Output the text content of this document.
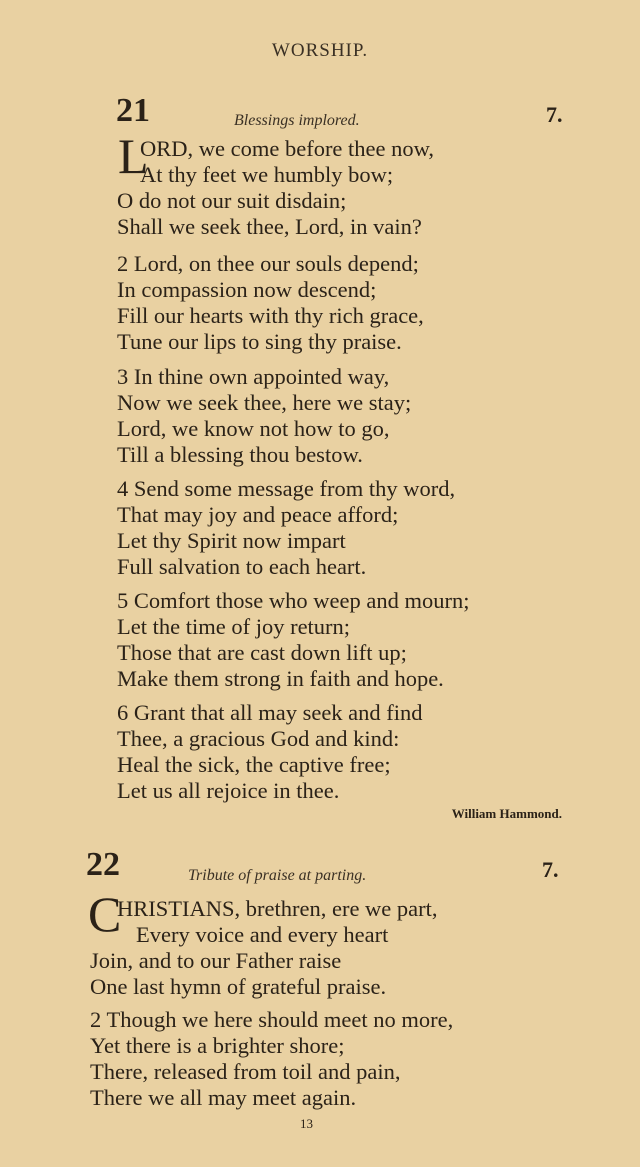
WORSHIP.
21	Blessings implored.	7.
L
ORD, we come before thee now,
At thy feet we humbly bow;
O do not our suit disdain;
Shall we seek thee, Lord, in vain?
2 Lord, on thee our souls depend;
In compassion now descend;
Fill our hearts with thy rich grace,
Tune our lips to sing thy praise.
3 In thine own appointed way,
Now we seek thee, here we stay;
Lord, we know not how to go,
Till a blessing thou bestow.
4 Send some message from thy word,
That may joy and peace afford;
Let thy Spirit now impart
Full salvation to each heart.
5 Comfort those who weep and mourn;
Let the time of joy return;
Those that are cast down lift up;
Make them strong in faith and hope.
6 Grant that all may seek and find
Thee, a gracious God and kind:
Heal the sick, the captive free;
Let us all rejoice in thee.
William Hammond.
22	Tribute of praise at parting.	7.
C
HRISTIANS, brethren, ere we part,
Every voice and every heart
Join, and to our Father raise
One last hymn of grateful praise.
2 Though we here should meet no more,
Yet there is a brighter shore;
There, released from toil and pain,
There we all may meet again.
13
